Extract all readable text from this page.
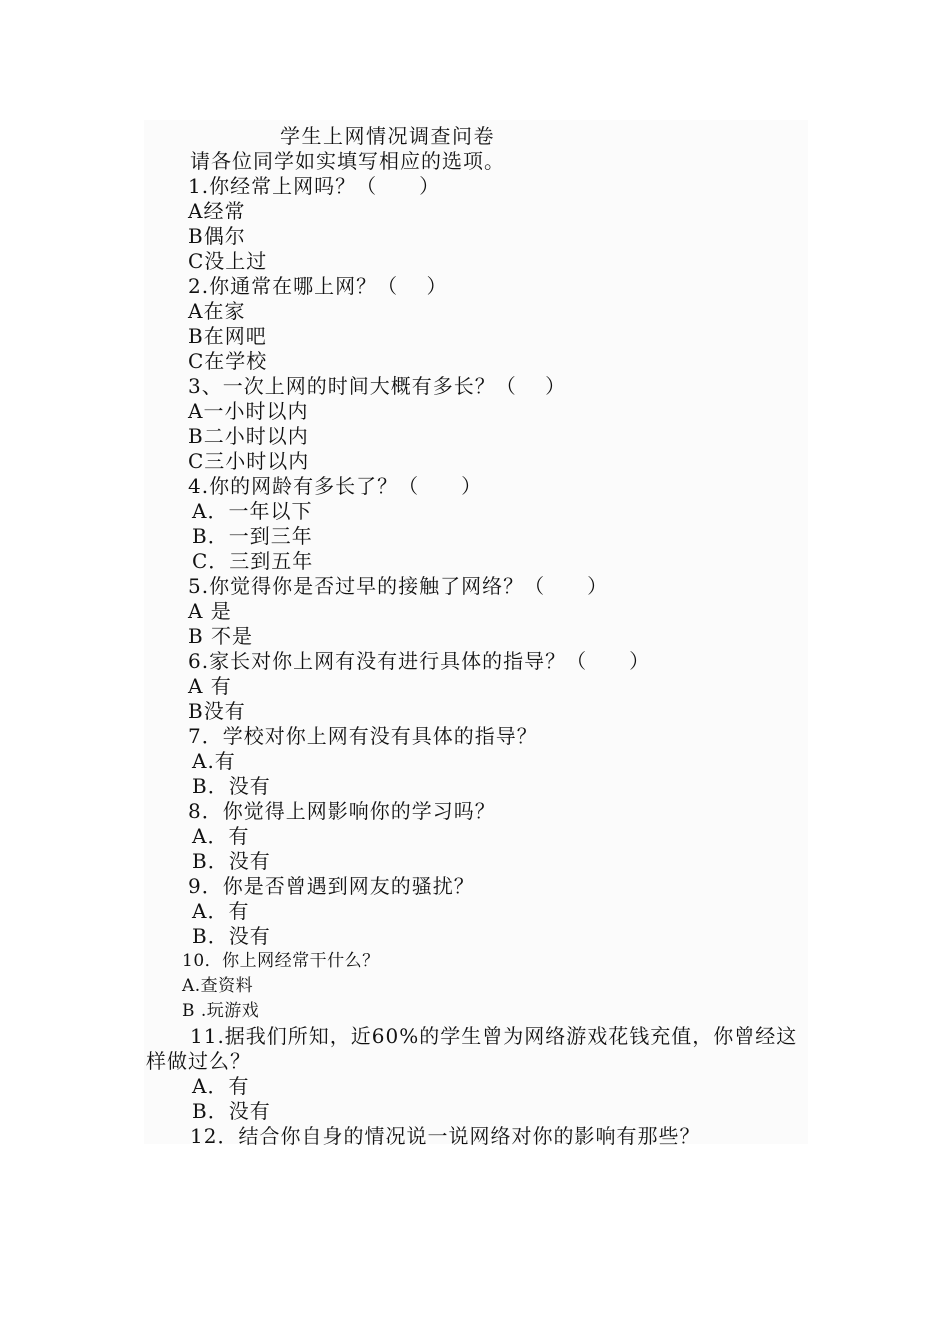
学生上网情况调查问卷
请各位同学如实填写相应的选项。
1.你经常上网吗？（　　）
A经常
B偶尔
C没上过
2.你通常在哪上网？（　 ）
A在家
B在网吧
C在学校
3、一次上网的时间大概有多长？（　 ）
A一小时以内
B二小时以内
C三小时以内
4.你的网龄有多长了？（　　）
A．一年以下
B．一到三年
C．三到五年
5.你觉得你是否过早的接触了网络？（　　）
A 是
B 不是
6.家长对你上网有没有进行具体的指导？（　　）
A 有
B没有
7．学校对你上网有没有具体的指导？
A.有
B．没有
8．你觉得上网影响你的学习吗？
A．有
B．没有
9．你是否曾遇到网友的骚扰？
A．有
B．没有
10．你上网经常干什么？
A.查资料
B .玩游戏
11.据我们所知，近60%的学生曾为网络游戏花钱充值，你曾经这
样做过么？
A．有
B．没有
12．结合你自身的情况说一说网络对你的影响有那些？
